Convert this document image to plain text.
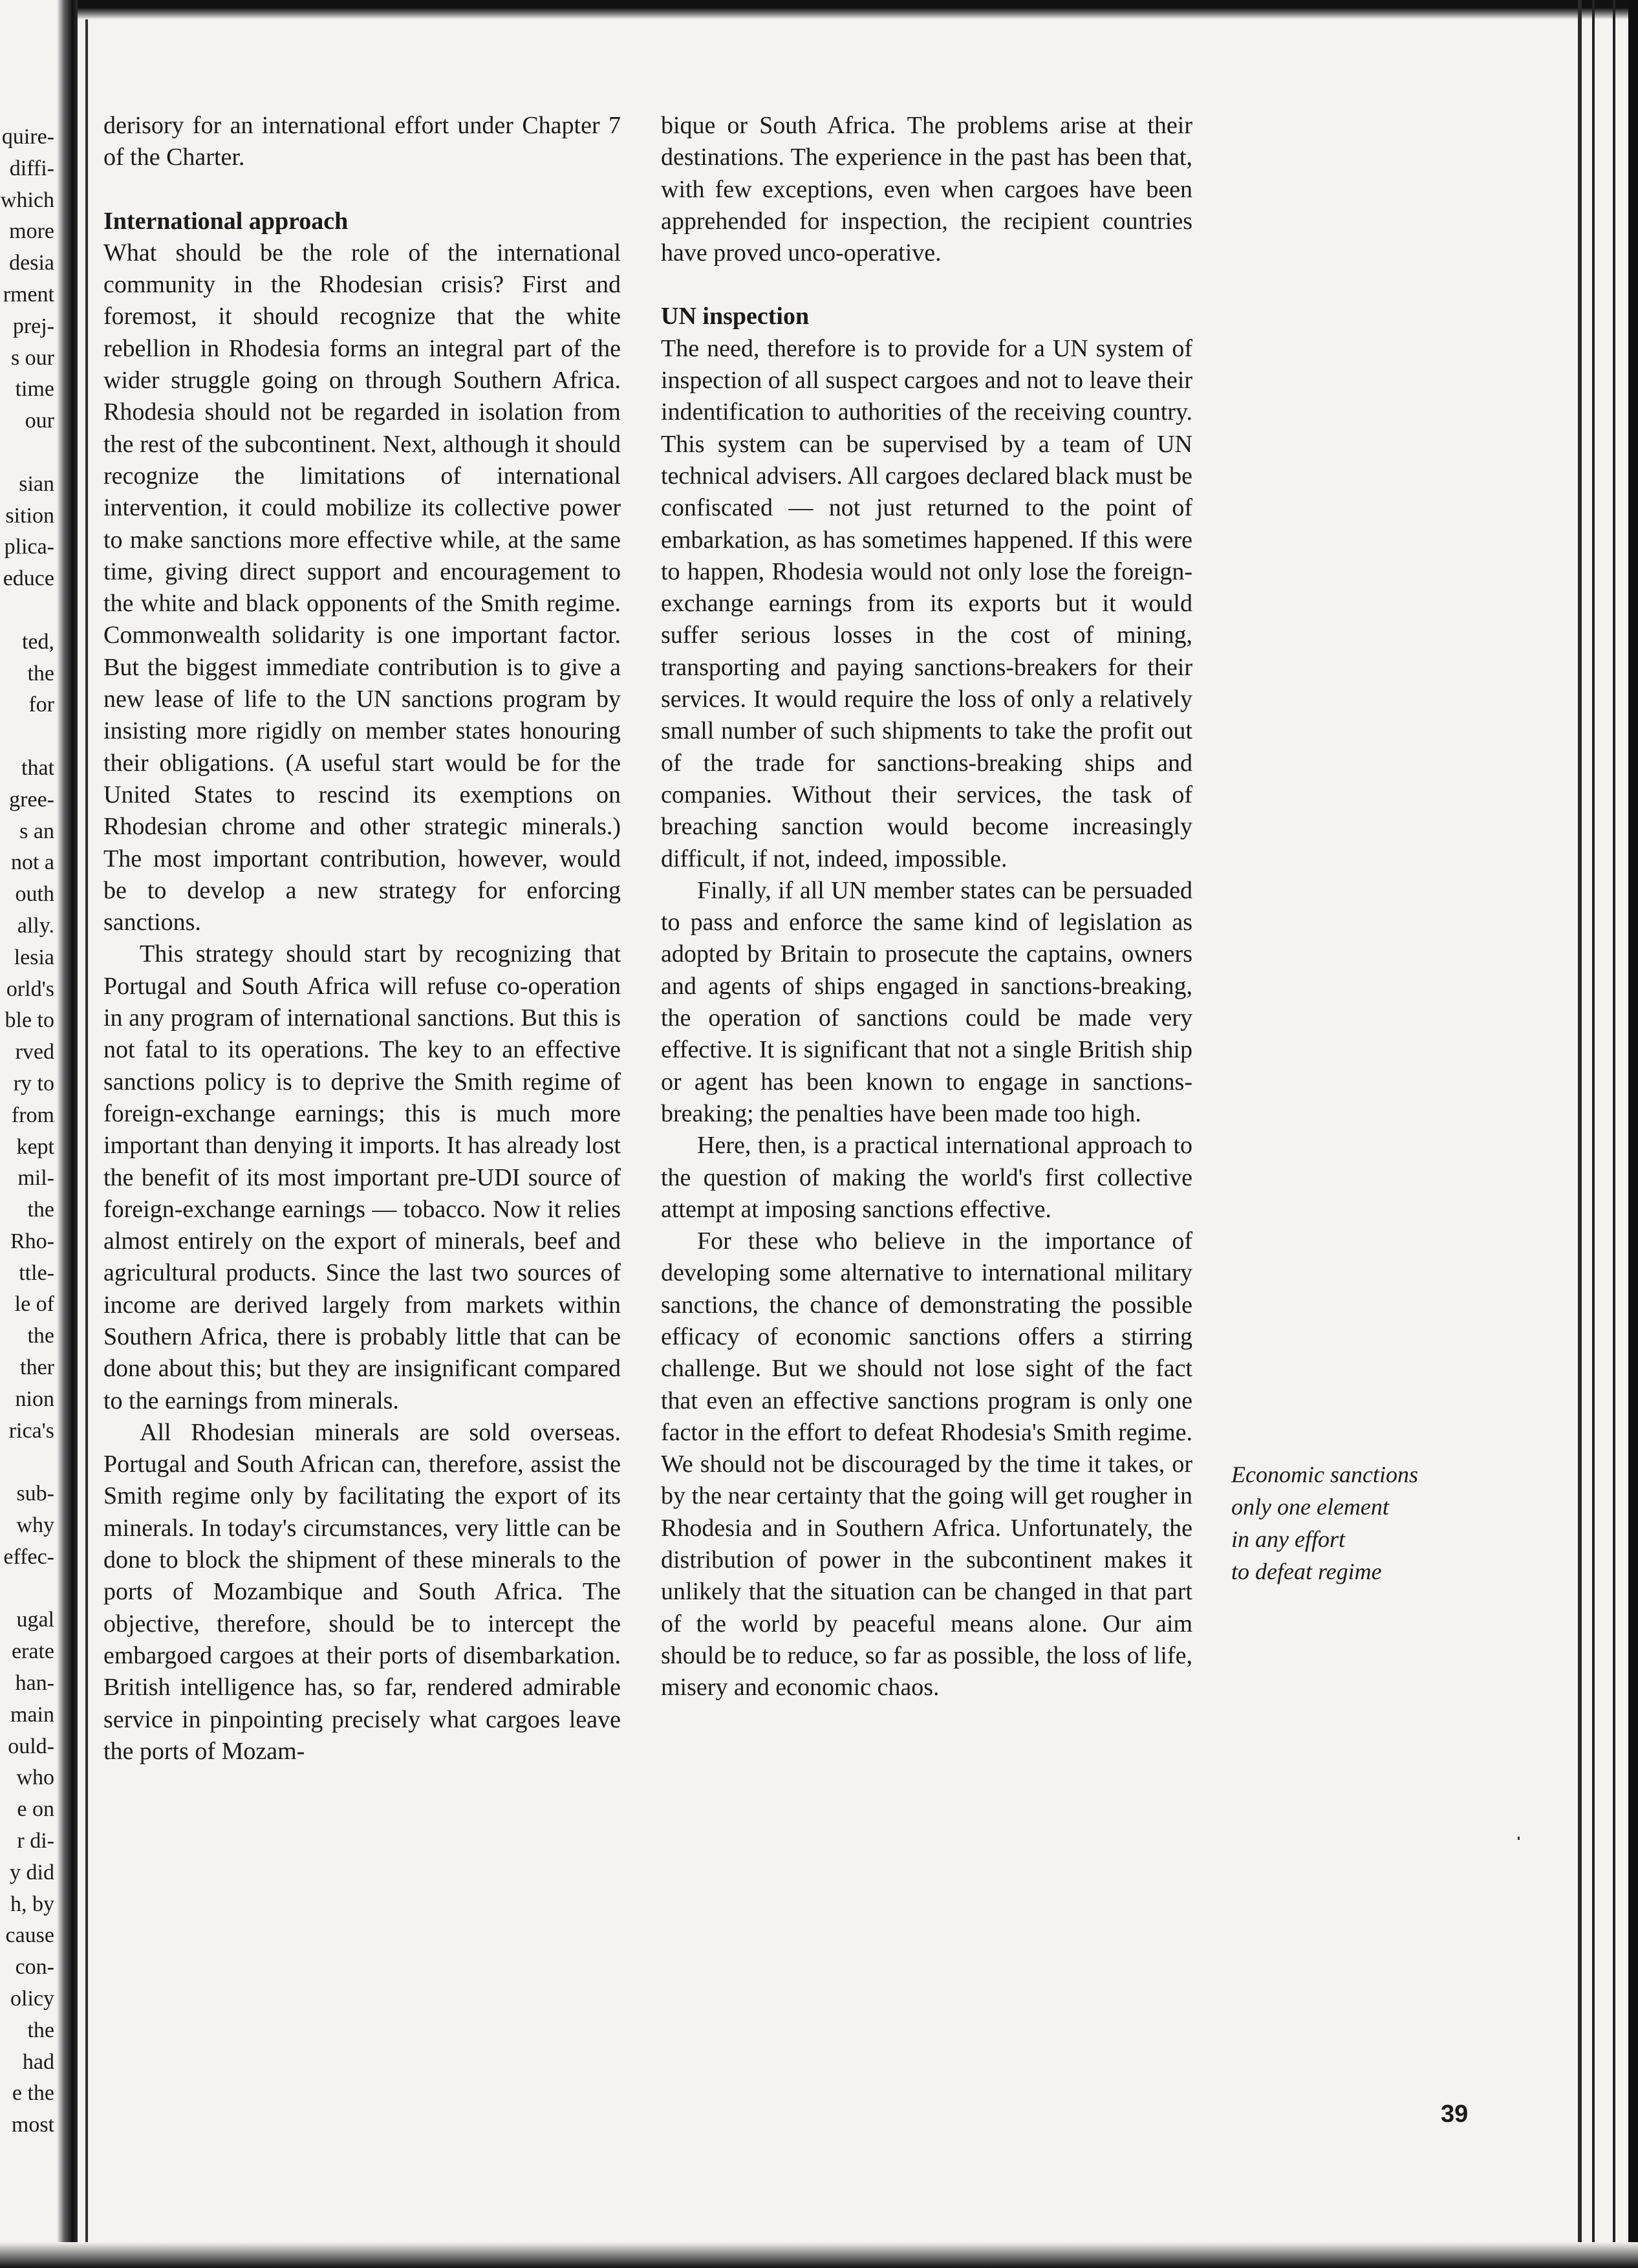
quire-
diffi-
which
more
desia
rment
prej-
s our
time
our

sian
sition
plica-
educe

ted,
the
for

that
gree-
s an
not a
outh
ally.
lesia
orld's
ble to
rved
ry to
from
kept
mil-
the
Rho-
ttle-
le of
the
ther
nion
rica's

sub-
why
effec-

ugal
erate
han-
main
ould-
who
e on
r di-
y did
h, by
cause
con-
olicy
the
had
e the
most

derisory for an international effort under Chapter 7 of the Charter.

International approach

What should be the role of the international community in the Rhodesian crisis? First and foremost, it should recognize that the white rebellion in Rhodesia forms an integral part of the wider struggle going on through Southern Africa. Rhodesia should not be regarded in isolation from the rest of the subcontinent. Next, although it should recognize the limitations of international intervention, it could mobilize its collective power to make sanctions more effective while, at the same time, giving direct support and encouragement to the white and black opponents of the Smith regime. Commonwealth solidarity is one important factor. But the biggest immediate contribution is to give a new lease of life to the UN sanctions program by insisting more rigidly on member states honouring their obligations. (A useful start would be for the United States to rescind its exemptions on Rhodesian chrome and other strategic minerals.) The most important contribution, however, would be to develop a new strategy for enforcing sanctions.

This strategy should start by recognizing that Portugal and South Africa will refuse co-operation in any program of international sanctions. But this is not fatal to its operations. The key to an effective sanctions policy is to deprive the Smith regime of foreign-exchange earnings; this is much more important than denying it imports. It has already lost the benefit of its most important pre-UDI source of foreign-exchange earnings — tobacco. Now it relies almost entirely on the export of minerals, beef and agricultural products. Since the last two sources of income are derived largely from markets within Southern Africa, there is probably little that can be done about this; but they are insignificant compared to the earnings from minerals.

All Rhodesian minerals are sold overseas. Portugal and South African can, therefore, assist the Smith regime only by facilitating the export of its minerals. In today's circumstances, very little can be done to block the shipment of these minerals to the ports of Mozambique and South Africa. The objective, therefore, should be to intercept the embargoed cargoes at their ports of disembarkation. British intelligence has, so far, rendered admirable service in pinpointing precisely what cargoes leave the ports of Mozam-

bique or South Africa. The problems arise at their destinations. The experience in the past has been that, with few exceptions, even when cargoes have been apprehended for inspection, the recipient countries have proved unco-operative.

UN inspection

The need, therefore is to provide for a UN system of inspection of all suspect cargoes and not to leave their indentification to authorities of the receiving country. This system can be supervised by a team of UN technical advisers. All cargoes declared black must be confiscated — not just returned to the point of embarkation, as has sometimes happened. If this were to happen, Rhodesia would not only lose the foreign-exchange earnings from its exports but it would suffer serious losses in the cost of mining, transporting and paying sanctions-breakers for their services. It would require the loss of only a relatively small number of such shipments to take the profit out of the trade for sanctions-breaking ships and companies. Without their services, the task of breaching sanction would become increasingly difficult, if not, indeed, impossible.

Finally, if all UN member states can be persuaded to pass and enforce the same kind of legislation as adopted by Britain to prosecute the captains, owners and agents of ships engaged in sanctions-breaking, the operation of sanctions could be made very effective. It is significant that not a single British ship or agent has been known to engage in sanctions-breaking; the penalties have been made too high.

Here, then, is a practical international approach to the question of making the world's first collective attempt at imposing sanctions effective.

For these who believe in the importance of developing some alternative to international military sanctions, the chance of demonstrating the possible efficacy of economic sanctions offers a stirring challenge. But we should not lose sight of the fact that even an effective sanctions program is only one factor in the effort to defeat Rhodesia's Smith regime. We should not be discouraged by the time it takes, or by the near certainty that the going will get rougher in Rhodesia and in Southern Africa. Unfortunately, the distribution of power in the subcontinent makes it unlikely that the situation can be changed in that part of the world by peaceful means alone. Our aim should be to reduce, so far as possible, the loss of life, misery and economic chaos.

Economic sanctions
only one element
in any effort
to defeat regime
39
